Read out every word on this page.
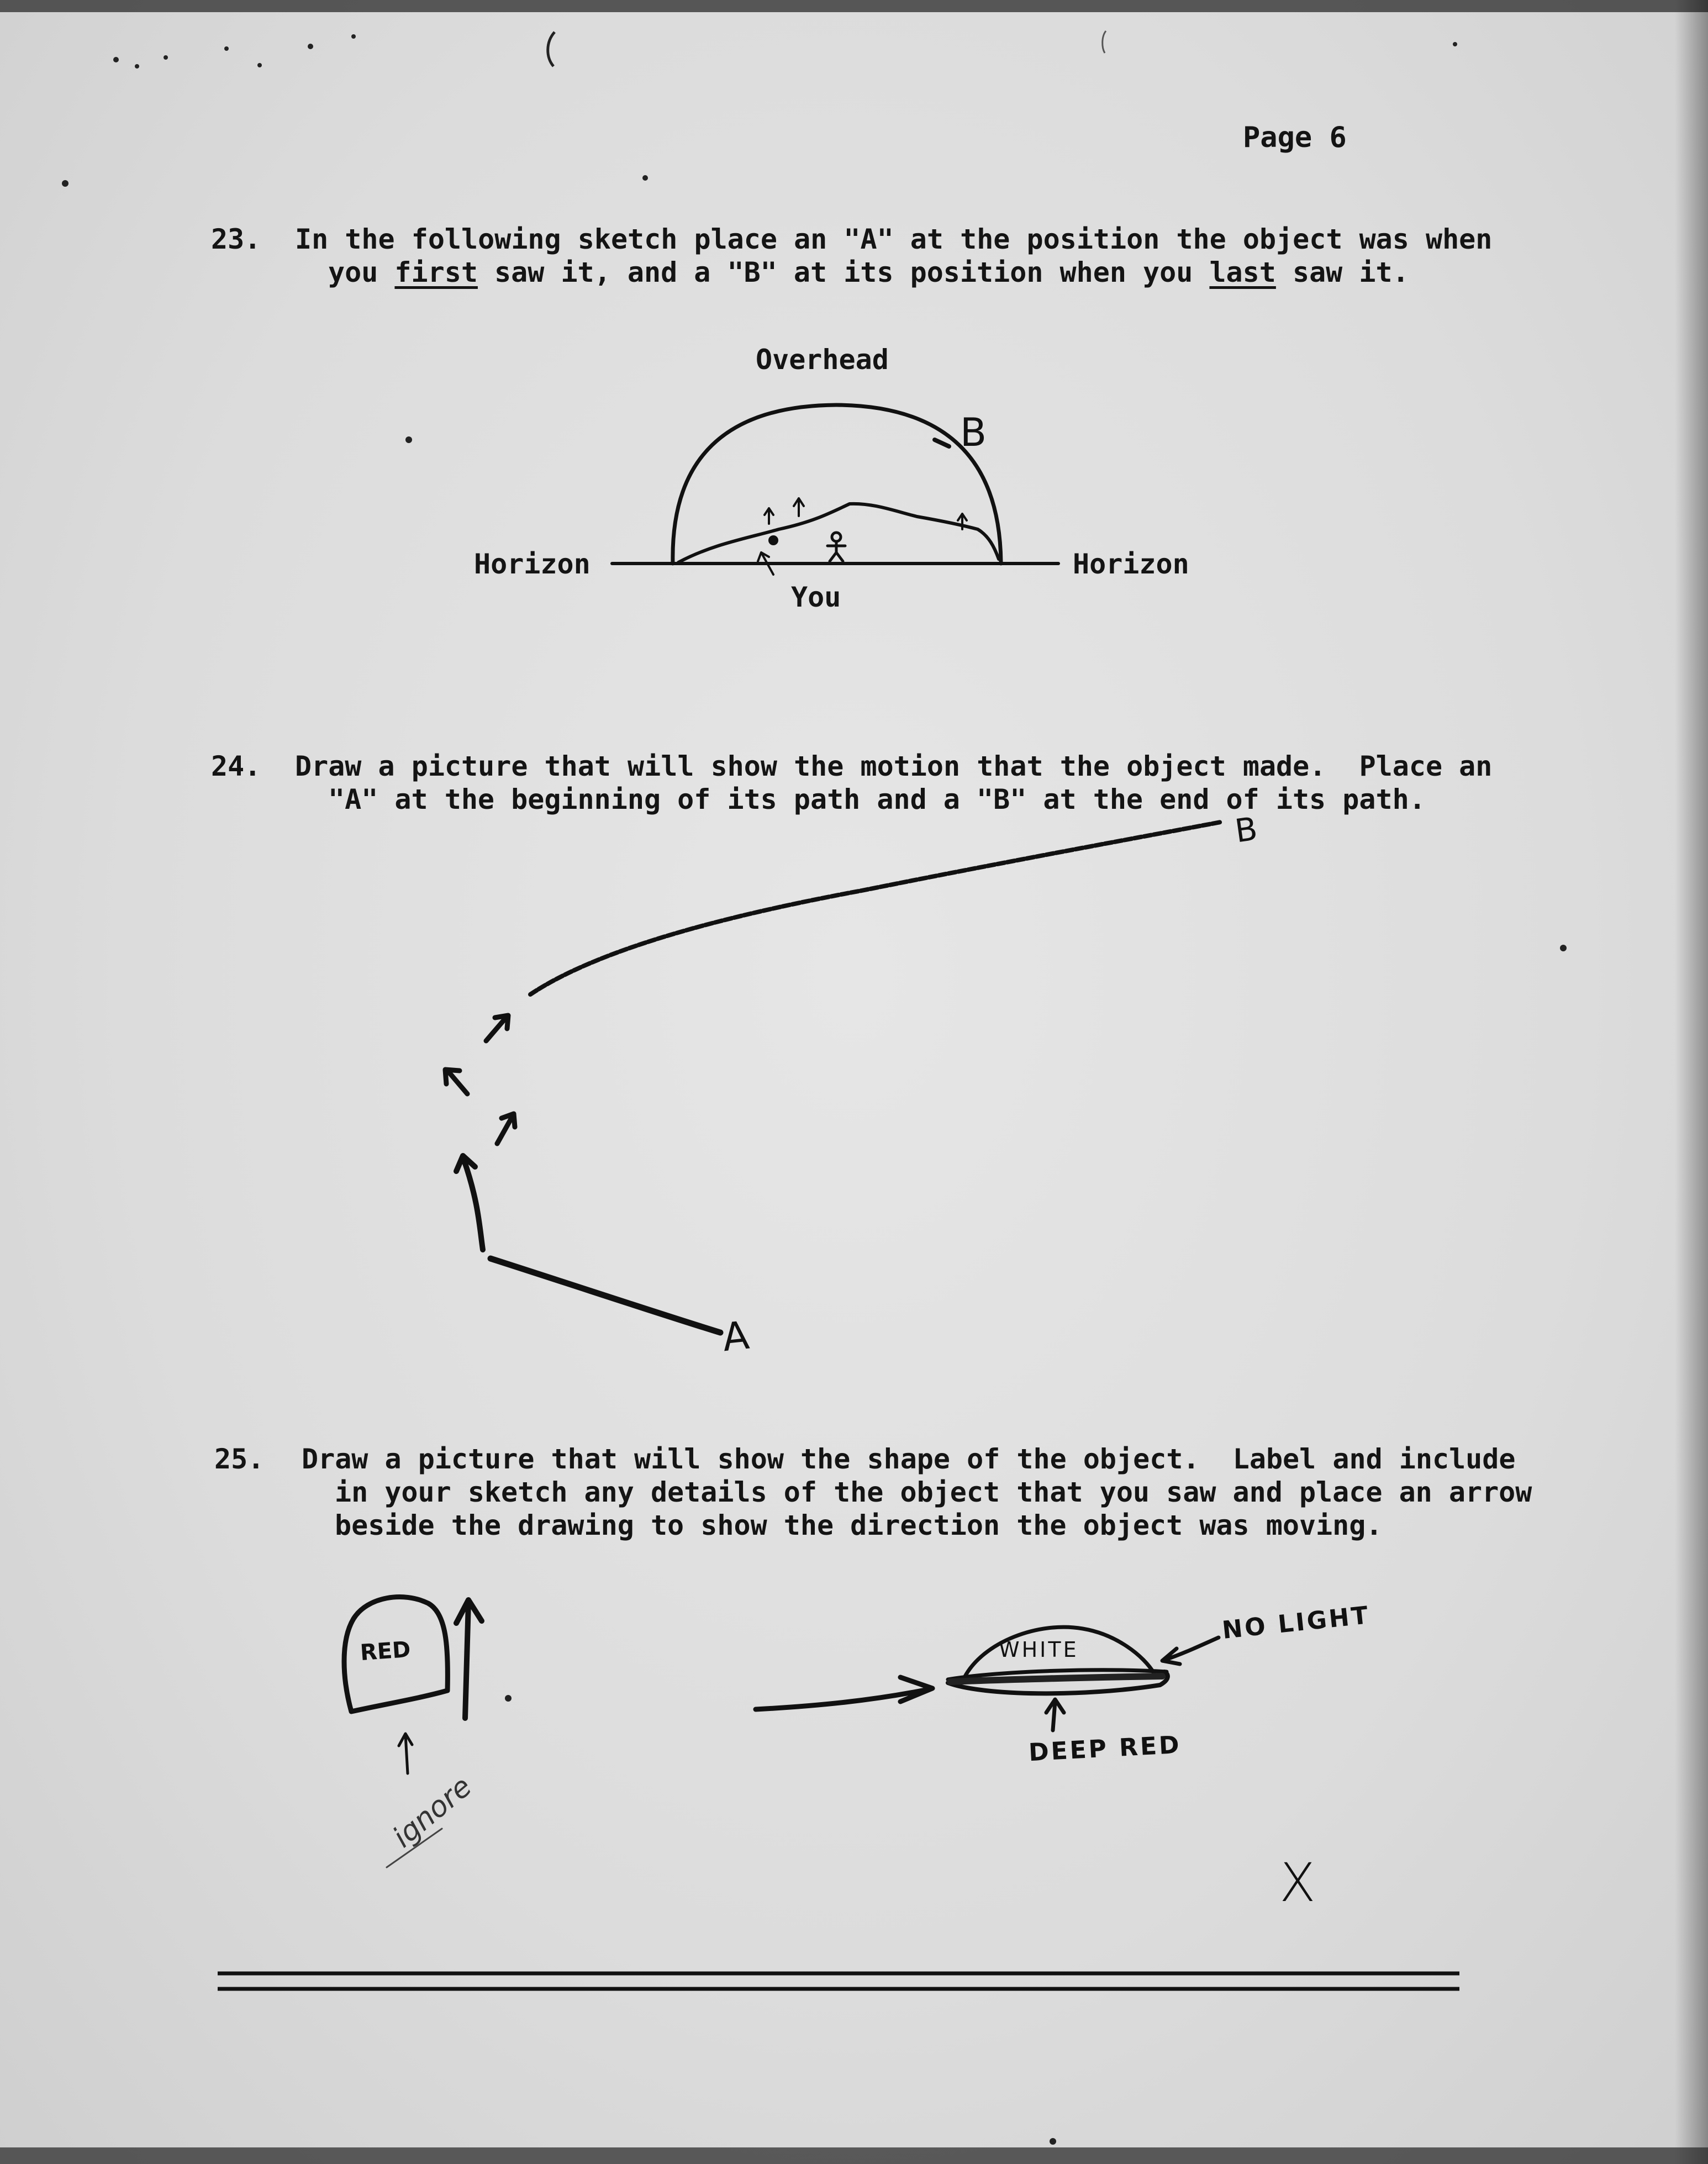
Page 6
23. In the following sketch place an "A" at the position the object was when
you first saw it, and a "B" at its position when you last saw it.
Overhead
Horizon	Horizon
You
B
24. Draw a picture that will show the motion that the object made.  Place an
"A" at the beginning of its path and a "B" at the end of its path.
B
A
25. Draw a picture that will show the shape of the object.  Label and include
in your sketch any details of the object that you saw and place an arrow
beside the drawing to show the direction the object was moving.
RED
ignore
WHITE
NO LIGHT
DEEP RED
X
